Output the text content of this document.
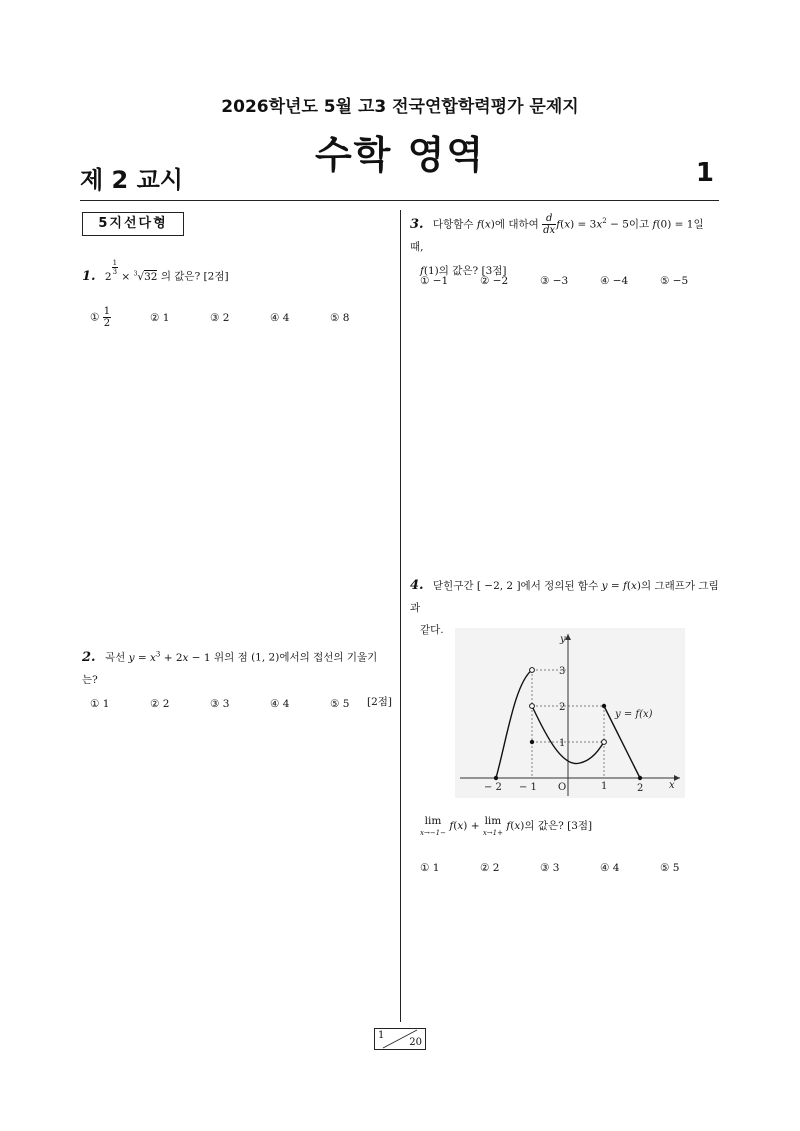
2026학년도 5월 고3 전국연합학력평가 문제지
수학 영역
제 2 교시	1
5지선다형
1. 2
$^{\frac{1}{3}}$
× $^3$√32 의 값은? [2점]
① $\frac{1}{2}$	② 1	③ 2	④ 4	⑤ 8
2. 곡선 $y = x^3 + 2x - 1$ 위의 점 (1, 2)에서의 접선의 기울기는?
[2점]
① 1	② 2	③ 3	④ 4	⑤ 5
3. 다항함수 f(x)에 대하여 $\frac{d}{dx} f(x) = 3x^2 - 5$이고 f(0) = 1일 때,
f(1)의 값은? [3점]
① −1	② −2	③ −3	④ −4	⑤ −5
4. 닫힌구간 [ −2, 2 ]에서 정의된 함수 y = f(x)의 그래프가 그림과
같다.
− 2 − 1 O	1	2
3
2
1
x
y
y = f(x)
lim
x→−1−
f(x) + lim
x→1+
f(x)의 값은? [3점]
① 1	② 2	③ 3	④ 4	⑤ 5
1
20
